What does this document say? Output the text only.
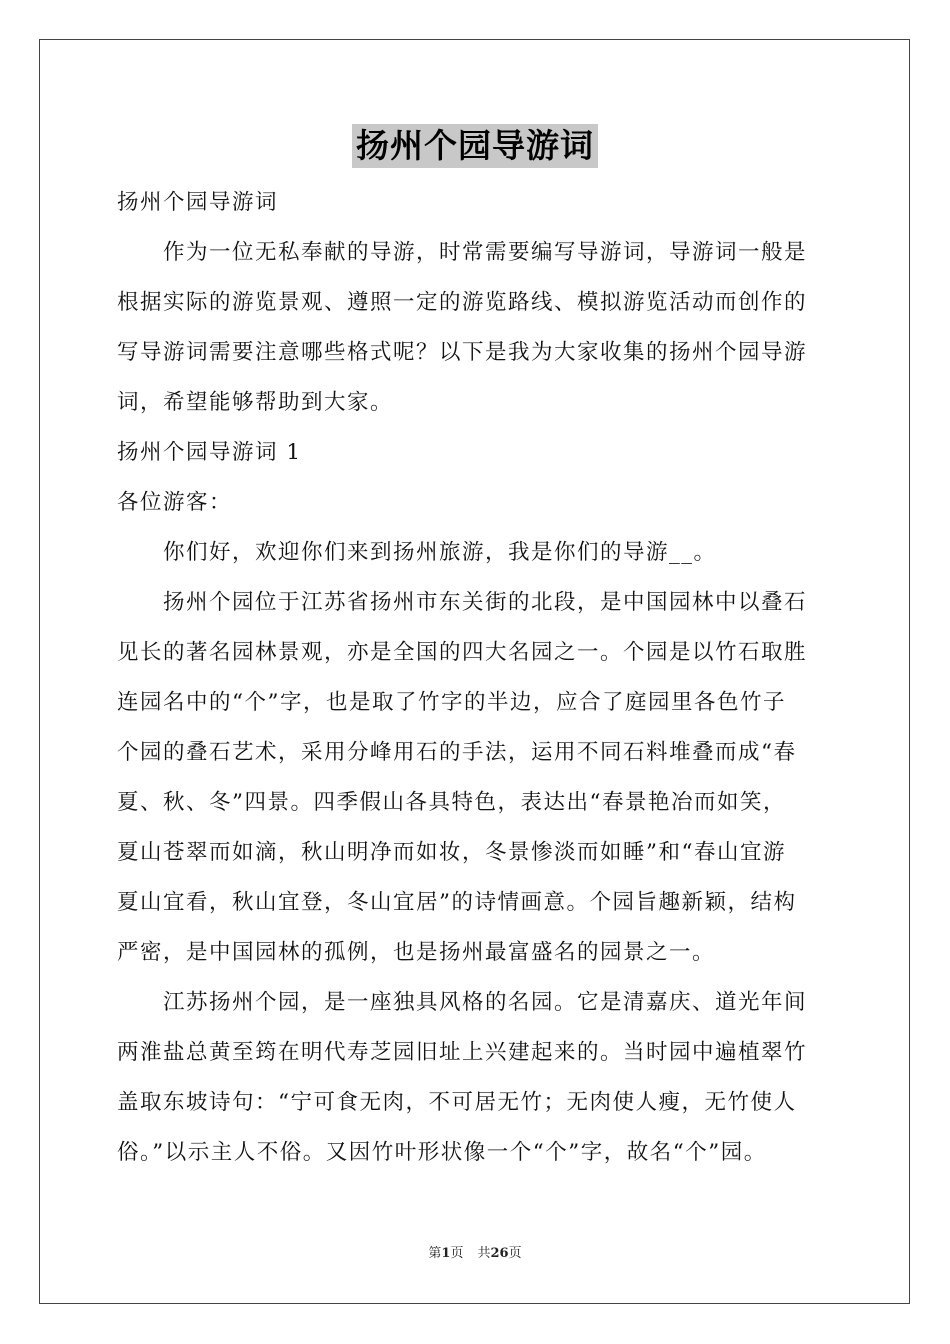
扬州个园导游词
扬州个园导游词
作为一位无私奉献的导游，时常需要编写导游词，导游词一般是
根据实际的游览景观、遵照一定的游览路线、模拟游览活动而创作的
写导游词需要注意哪些格式呢？以下是我为大家收集的扬州个园导游
词，希望能够帮助到大家。
扬州个园导游词 1
各位游客：
你们好，欢迎你们来到扬州旅游，我是你们的导游__。
扬州个园位于江苏省扬州市东关街的北段，是中国园林中以叠石
见长的著名园林景观，亦是全国的四大名园之一。个园是以竹石取胜
连园名中的“个”字，也是取了竹字的半边，应合了庭园里各色竹子
个园的叠石艺术，采用分峰用石的手法，运用不同石料堆叠而成“春
夏、秋、冬”四景。四季假山各具特色，表达出“春景艳冶而如笑，
夏山苍翠而如滴，秋山明净而如妆，冬景惨淡而如睡”和“春山宜游
夏山宜看，秋山宜登，冬山宜居”的诗情画意。个园旨趣新颖，结构
严密，是中国园林的孤例，也是扬州最富盛名的园景之一。
江苏扬州个园，是一座独具风格的名园。它是清嘉庆、道光年间
两淮盐总黄至筠在明代寿芝园旧址上兴建起来的。当时园中遍植翠竹
盖取东坡诗句：“宁可食无肉，不可居无竹；无肉使人瘦，无竹使人
俗。”以示主人不俗。又因竹叶形状像一个“个”字，故名“个”园。
第1页 共26页
